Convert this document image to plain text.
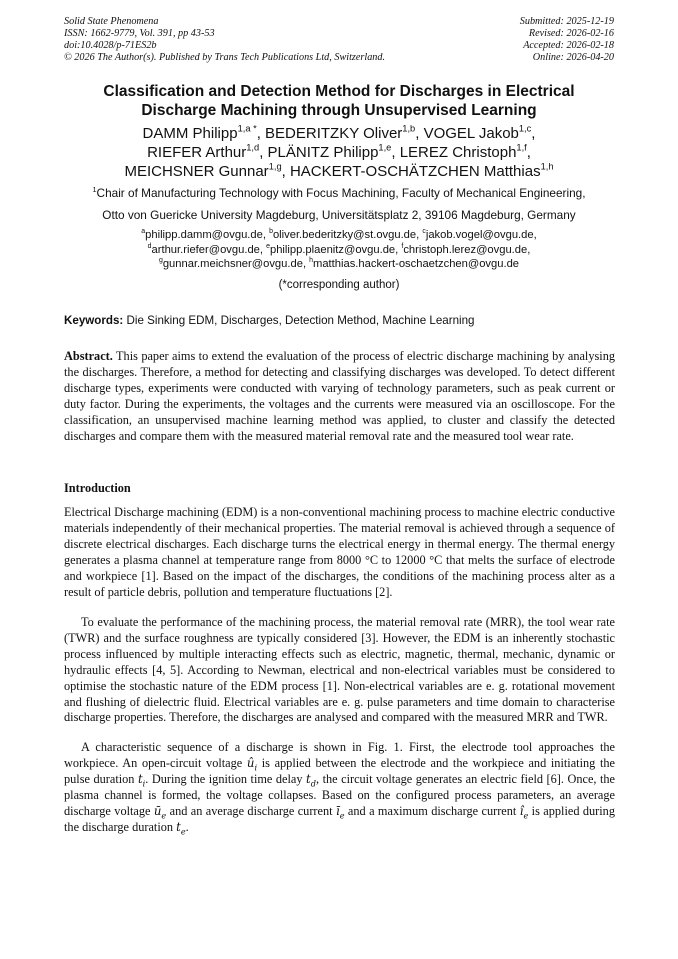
Solid State Phenomena
ISSN: 1662-9779, Vol. 391, pp 43-53
doi:10.4028/p-71ES2b
© 2026 The Author(s). Published by Trans Tech Publications Ltd, Switzerland.
Submitted: 2025-12-19
Revised: 2026-02-16
Accepted: 2026-02-18
Online: 2026-04-20
Classification and Detection Method for Discharges in Electrical
Discharge Machining through Unsupervised Learning
DAMM Philipp$^{1,a *}$, BEDERITZKY Oliver$^{1,b}$, VOGEL Jakob$^{1,c}$,
RIEFER Arthur$^{1,d}$, PLÄNITZ Philipp$^{1,e}$, LEREZ Christoph$^{1,f}$,
MEICHSNER Gunnar$^{1,g}$, HACKERT-OSCHÄTZCHEN Matthias$^{1,h}$
$^1$Chair of Manufacturing Technology with Focus Machining, Faculty of Mechanical Engineering,
Otto von Guericke University Magdeburg, Universitätsplatz 2, 39106 Magdeburg, Germany
$^a$philipp.damm@ovgu.de, $^b$oliver.bederitzky@st.ovgu.de, $^c$jakob.vogel@ovgu.de,
$^d$arthur.riefer@ovgu.de, $^e$philipp.plaenitz@ovgu.de, $^f$christoph.lerez@ovgu.de,
$^g$gunnar.meichsner@ovgu.de, $^h$matthias.hackert-oschaetzchen@ovgu.de
(*corresponding author)
Keywords: Die Sinking EDM, Discharges, Detection Method, Machine Learning
Abstract. This paper aims to extend the evaluation of the process of electric discharge machining by analysing the discharges. Therefore, a method for detecting and classifying discharges was developed. To detect different discharge types, experiments were conducted with varying of technology parameters, such as peak current or duty factor. During the experiments, the voltages and the currents were measured via an oscilloscope. For the classification, an unsupervised machine learning method was applied, to cluster and classify the detected discharges and compare them with the measured material removal rate and the measured tool wear rate.
Introduction
Electrical Discharge machining (EDM) is a non-conventional machining process to machine electric conductive materials independently of their mechanical properties. The material removal is achieved through a sequence of discrete electrical discharges. Each discharge turns the electrical energy in thermal energy. The thermal energy generates a plasma channel at temperature range from 8000 °C to 12000 °C that melts the surface of electrode and workpiece [1]. Based on the impact of the discharges, the conditions of the machining process alter as a result of particle debris, pollution and temperature fluctuations [2].
To evaluate the performance of the machining process, the material removal rate (MRR), the tool wear rate (TWR) and the surface roughness are typically considered [3]. However, the EDM is an inherently stochastic process influenced by multiple interacting effects such as electric, magnetic, thermal, mechanic, dynamic or hydraulic effects [4, 5]. According to Newman, electrical and non-electrical variables must be considered to optimise the stochastic nature of the EDM process [1]. Non-electrical variables are e. g. rotational movement and flushing of dielectric fluid. Electrical variables are e. g. pulse parameters and time domain to characterise discharge properties. Therefore, the discharges are analysed and compared with the measured MRR and TWR.
A characteristic sequence of a discharge is shown in Fig. 1. First, the electrode tool approaches the workpiece. An open-circuit voltage $û_i$ is applied between the electrode and the workpiece and initiating the pulse duration $t_i$. During the ignition time delay $t_d$, the circuit voltage generates an electric field [6]. Once, the plasma channel is formed, the voltage collapses. Based on the configured process parameters, an average discharge voltage $ū_e$ and an average discharge current $ī_e$ and a maximum discharge current $î_e$ is applied during the discharge duration $t_e$.
